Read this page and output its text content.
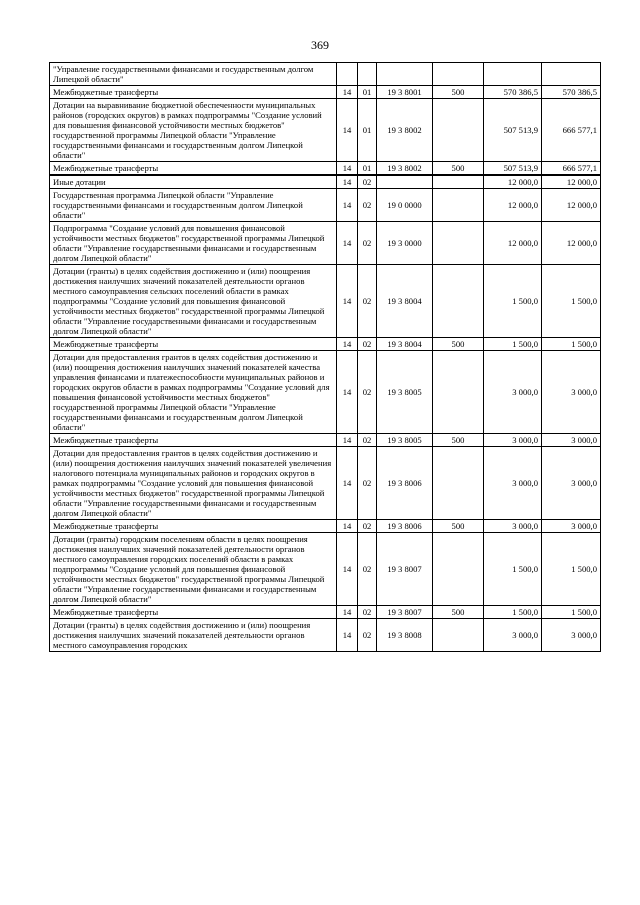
369
"Управление государственными финансами и государственным долгом Липецкой области"						
Межбюджетные трансферты	14	01	19 3 8001	500	570 386,5	570 386,5
Дотации на выравнивание бюджетной обеспеченности муниципальных районов (городских округов) в рамках подпрограммы "Создание условий для повышения финансовой устойчивости местных бюджетов" государственной программы Липецкой области "Управление государственными финансами и государственным долгом Липецкой области"	14	01	19 3 8002		507 513,9	666 577,1
Межбюджетные трансферты	14	01	19 3 8002	500	507 513,9	666 577,1
Иные дотации	14	02			12 000,0	12 000,0
Государственная программа Липецкой области "Управление государственными финансами и государственным долгом Липецкой области"	14	02	19 0 0000		12 000,0	12 000,0
Подпрограмма "Создание условий для повышения финансовой устойчивости местных бюджетов" государственной программы Липецкой области "Управление государственными финансами и государственным долгом Липецкой области"	14	02	19 3 0000		12 000,0	12 000,0
Дотации (гранты) в целях содействия достижению и (или) поощрения достижения наилучших значений показателей деятельности органов местного самоуправления сельских поселений области в рамках подпрограммы "Создание условий для повышения финансовой устойчивости местных бюджетов" государственной программы Липецкой области "Управление государственными финансами и государственным долгом Липецкой области"	14	02	19 3 8004		1 500,0	1 500,0
Межбюджетные трансферты	14	02	19 3 8004	500	1 500,0	1 500,0
Дотации для предоставления грантов в целях содействия достижению и (или) поощрения достижения наилучших значений показателей качества управления финансами и платежеспособности муниципальных районов и городских округов области в рамках подпрограммы "Создание условий для повышения финансовой устойчивости местных бюджетов" государственной программы Липецкой области "Управление государственными финансами и государственным долгом Липецкой области"	14	02	19 3 8005		3 000,0	3 000,0
Межбюджетные трансферты	14	02	19 3 8005	500	3 000,0	3 000,0
Дотации для предоставления грантов в целях содействия достижению и (или) поощрения достижения наилучших значений показателей увеличения налогового потенциала муниципальных районов и городских округов в рамках подпрограммы "Создание условий для повышения финансовой устойчивости местных бюджетов" государственной программы Липецкой области "Управление государственными финансами и государственным долгом Липецкой области"	14	02	19 3 8006		3 000,0	3 000,0
Межбюджетные трансферты	14	02	19 3 8006	500	3 000,0	3 000,0
Дотации (гранты) городским поселениям области в целях поощрения достижения наилучших значений показателей деятельности органов местного самоуправления городских поселений области в рамках подпрограммы "Создание условий для повышения финансовой устойчивости местных бюджетов" государственной программы Липецкой области "Управление государственными финансами и государственным долгом Липецкой области"	14	02	19 3 8007		1 500,0	1 500,0
Межбюджетные трансферты	14	02	19 3 8007	500	1 500,0	1 500,0
Дотации (гранты) в целях содействия достижению и (или) поощрения достижения наилучших значений показателей деятельности органов местного самоуправления городских	14	02	19 3 8008		3 000,0	3 000,0
